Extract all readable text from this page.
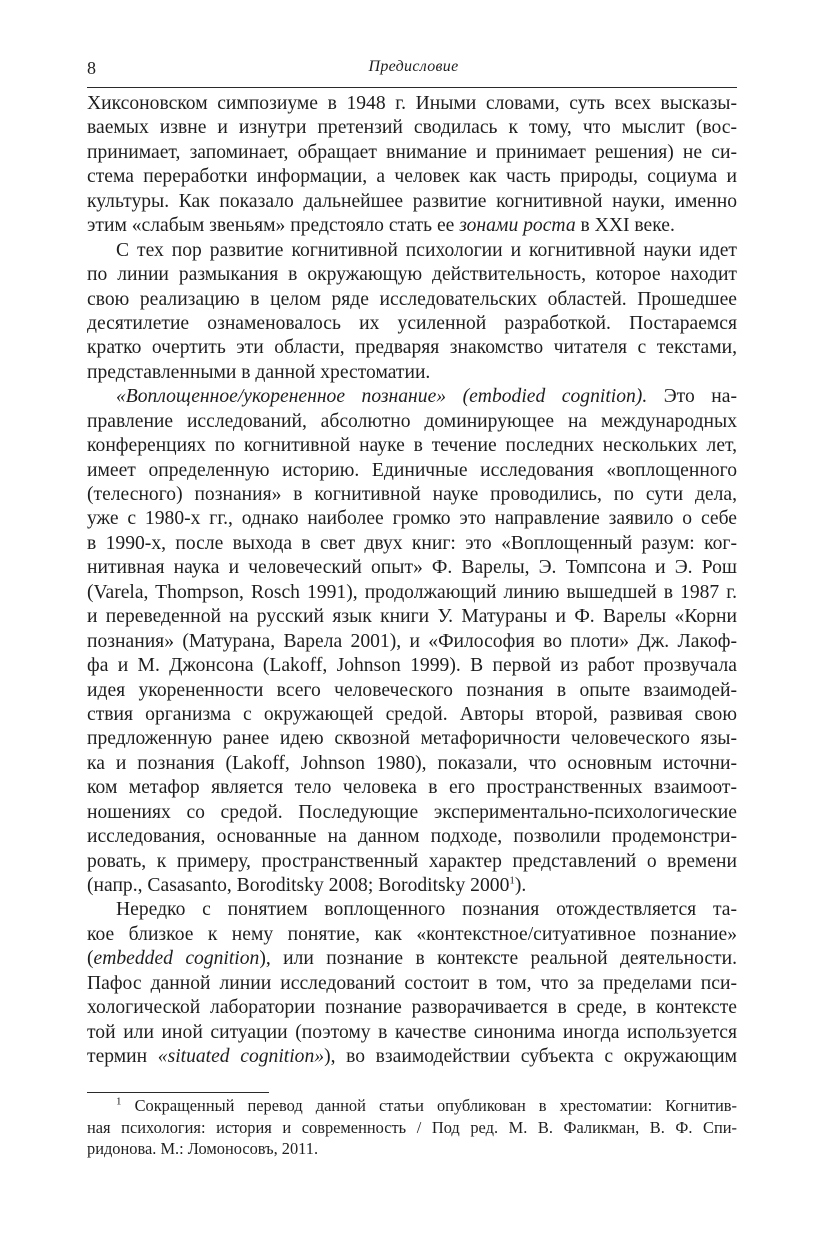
8	Предисловие
Хиксоновском симпозиуме в 1948 г. Иными словами, суть всех высказы-
ваемых извне и изнутри претензий сводилась к тому, что мыслит (вос-
принимает, запоминает, обращает внимание и принимает решения) не си-
стема переработки информации, а человек как часть природы, социума и
культуры. Как показало дальнейшее развитие когнитивной науки, именно
этим «слабым звеньям» предстояло стать ее зонами роста в XXI веке.
С тех пор развитие когнитивной психологии и когнитивной науки идет
по линии размыкания в окружающую действительность, которое находит
свою реализацию в целом ряде исследовательских областей. Прошедшее
десятилетие ознаменовалось их усиленной разработкой. Постараемся
кратко очертить эти области, предваряя знакомство читателя с текстами,
представленными в данной хрестоматии.
«Воплощенное/укорененное познание» (embodied cognition). Это на-
правление исследований, абсолютно доминирующее на международных
конференциях по когнитивной науке в течение последних нескольких лет,
имеет определенную историю. Единичные исследования «воплощенного
(телесного) познания» в когнитивной науке проводились, по сути дела,
уже с 1980-х гг., однако наиболее громко это направление заявило о себе
в 1990-х, после выхода в свет двух книг: это «Воплощенный разум: ког-
нитивная наука и человеческий опыт» Ф. Варелы, Э. Томпсона и Э. Рош
(Varela, Thompson, Rosch 1991), продолжающий линию вышедшей в 1987 г.
и переведенной на русский язык книги У. Матураны и Ф. Варелы «Корни
познания» (Матурана, Варела 2001), и «Философия во плоти» Дж. Лакоф-
фа и М. Джонсона (Lakoff, Johnson 1999). В первой из работ прозвучала
идея укорененности всего человеческого познания в опыте взаимодей-
ствия организма с окружающей средой. Авторы второй, развивая свою
предложенную ранее идею сквозной метафоричности человеческого язы-
ка и познания (Lakoff, Johnson 1980), показали, что основным источни-
ком метафор является тело человека в его пространственных взаимоот-
ношениях со средой. Последующие экспериментально-психологические
исследования, основанные на данном подходе, позволили продемонстри-
ровать, к примеру, пространственный характер представлений о времени
(напр., Casasanto, Boroditsky 2008; Boroditsky 2000$^1$).
Нередко с понятием воплощенного познания отождествляется та-
кое близкое к нему понятие, как «контекстное/ситуативное познание»
(embedded cognition), или познание в контексте реальной деятельности.
Пафос данной линии исследований состоит в том, что за пределами пси-
хологической лаборатории познание разворачивается в среде, в контексте
той или иной ситуации (поэтому в качестве синонима иногда используется
термин «situated cognition»), во взаимодействии субъекта с окружающим
$^1$ Сокращенный перевод данной статьи опубликован в хрестоматии: Когнитив-
ная психология: история и современность / Под ред. М. В. Фаликман, В. Ф. Спи-
ридонова. М.: Ломоносовъ, 2011.
